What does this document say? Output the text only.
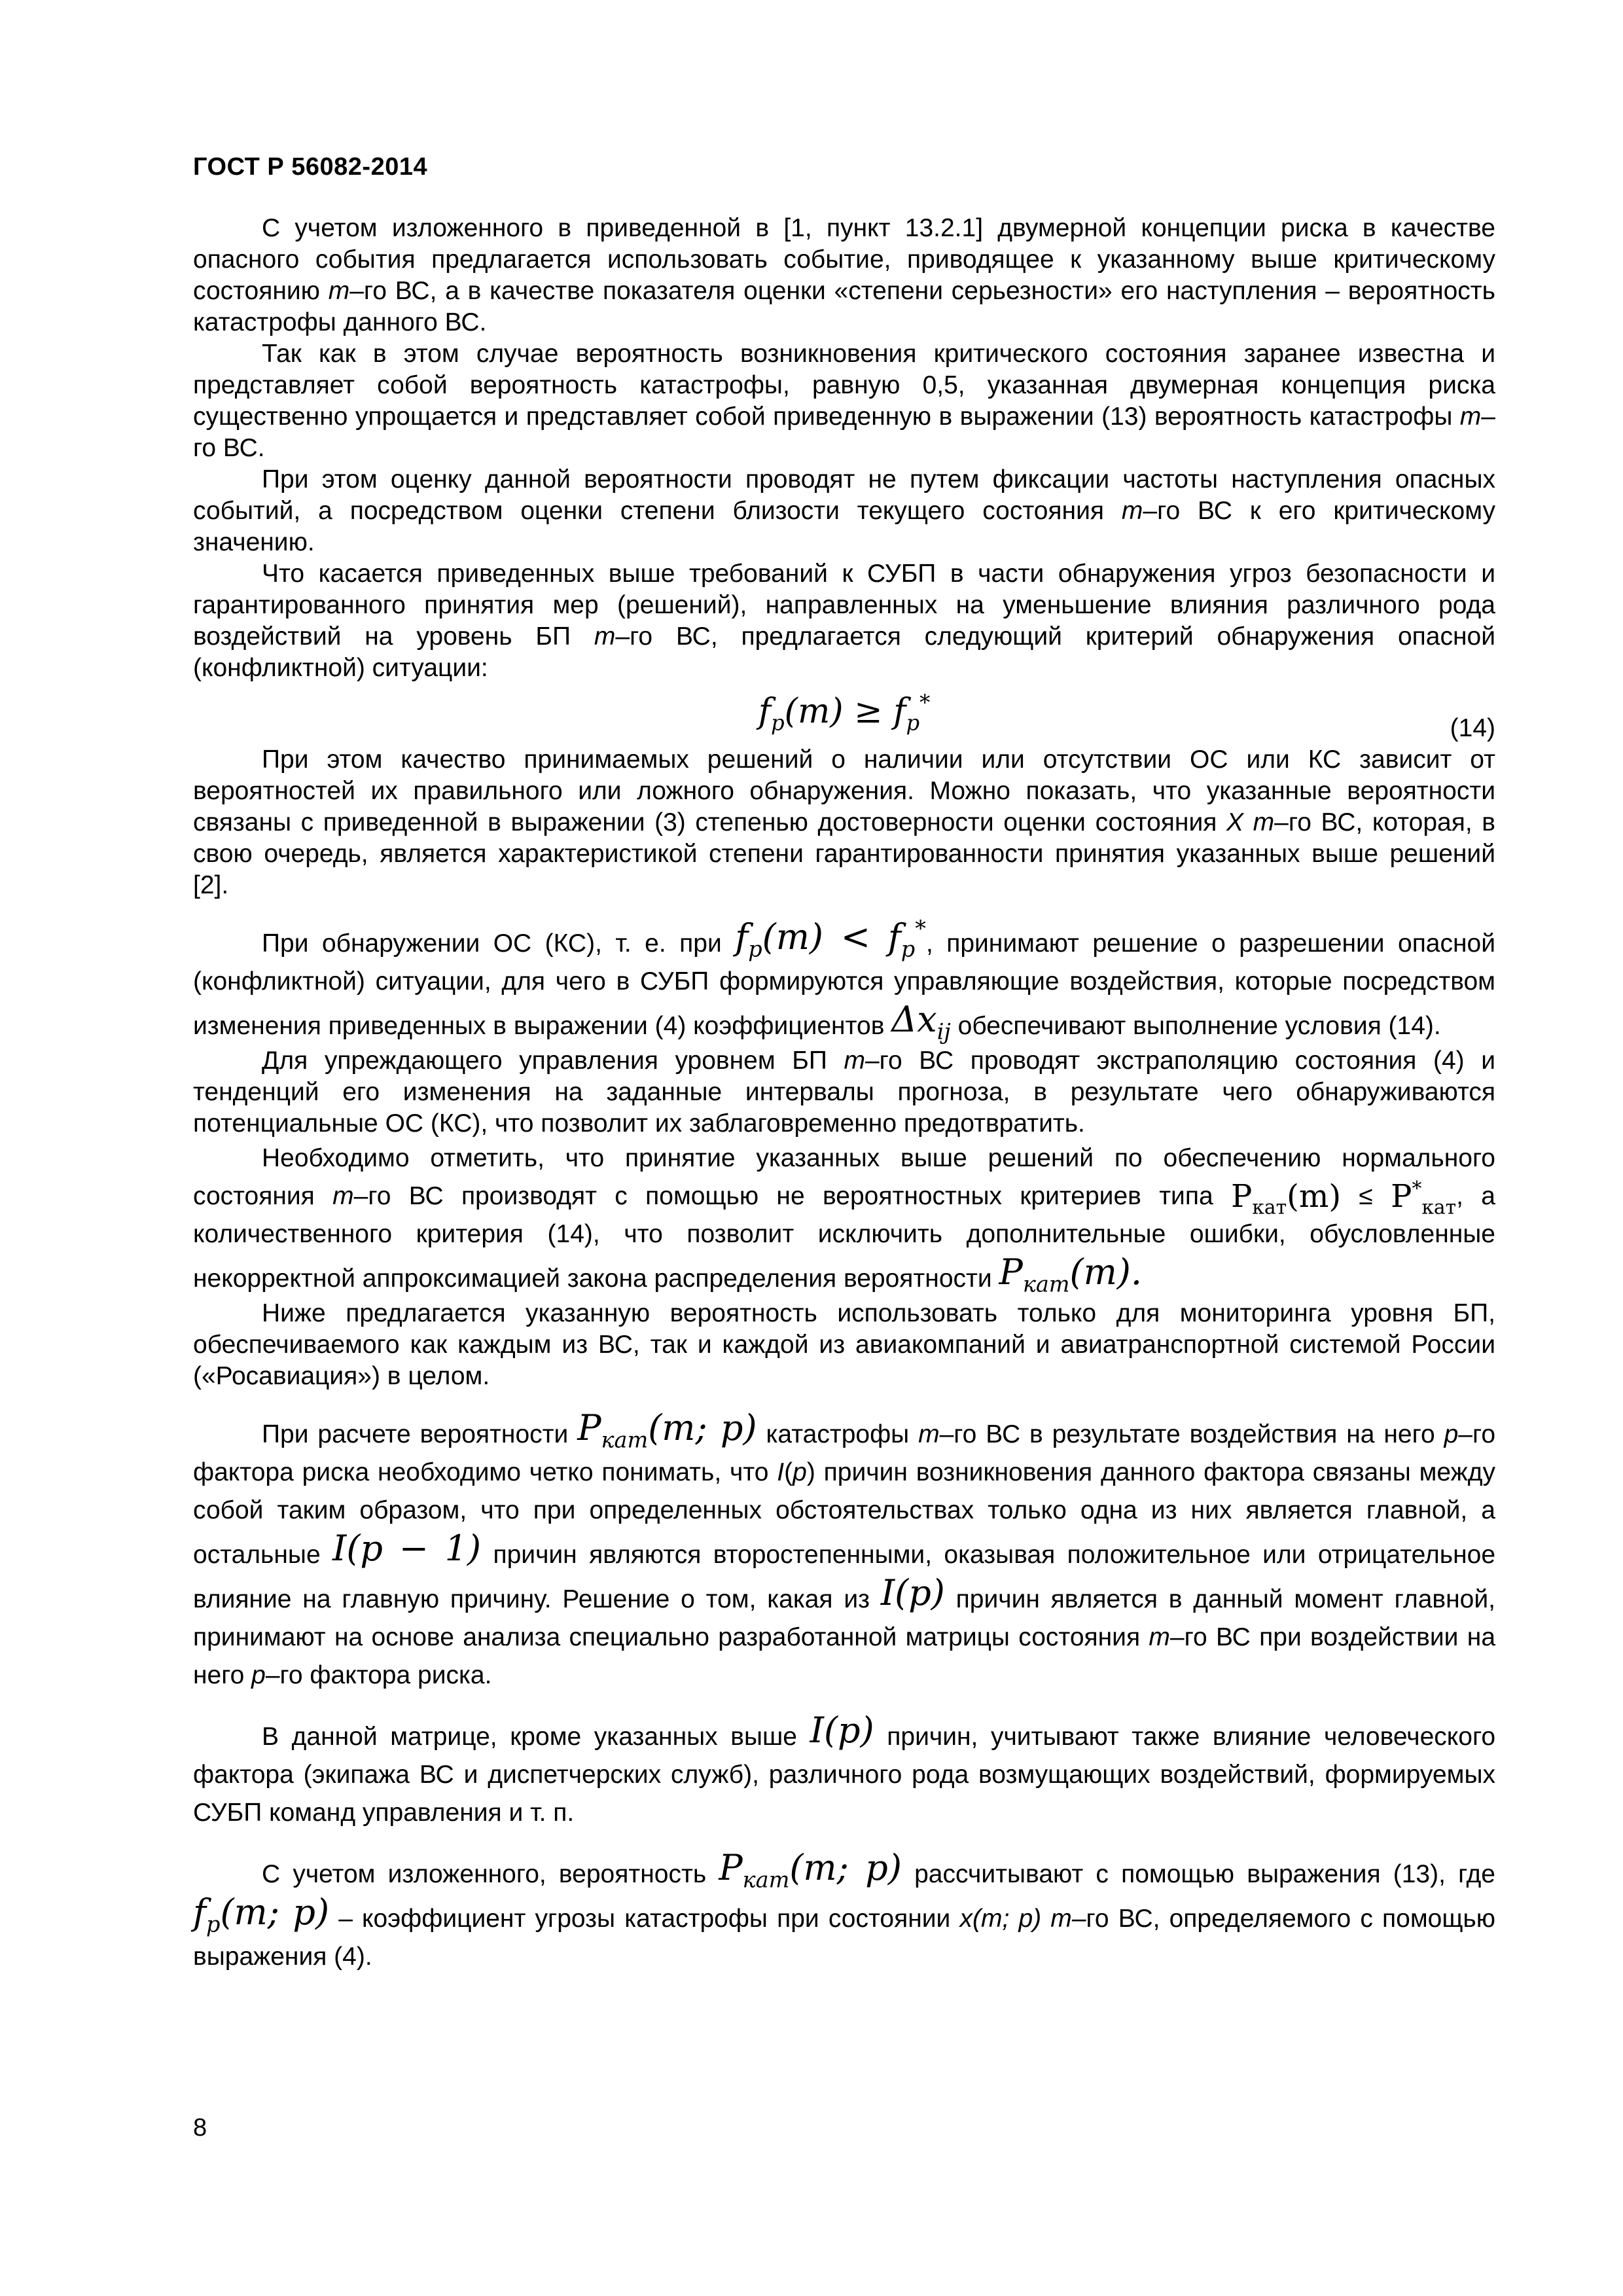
ГОСТ Р 56082-2014

С учетом изложенного в приведенной в [1, пункт 13.2.1] двумерной концепции риска в качестве опасного события предлагается использовать событие, приводящее к указанному выше критическому состоянию m–го ВС, а в качестве показателя оценки «степени серьезности» его наступления – вероятность катастрофы данного ВС.

Так как в этом случае вероятность возникновения критического состояния заранее известна и представляет собой вероятность катастрофы, равную 0,5, указанная двумерная концепция риска существенно упрощается и представляет собой приведенную в выражении (13) вероятность катастрофы m–го ВС.

При этом оценку данной вероятности проводят не путем фиксации частоты наступления опасных событий, а посредством оценки степени близости текущего состояния m–го ВС к его критическому значению.

Что касается приведенных выше требований к СУБП в части обнаружения угроз безопасности и гарантированного принятия мер (решений), направленных на уменьшение влияния различного рода воздействий на уровень БП m–го ВС, предлагается следующий критерий обнаружения опасной (конфликтной) ситуации:

$f_p(m) \ge f_p^*$
(14)

При этом качество принимаемых решений о наличии или отсутствии ОС или КС зависит от вероятностей их правильного или ложного обнаружения. Можно показать, что указанные вероятности связаны с приведенной в выражении (3) степенью достоверности оценки состояния X m–го ВС, которая, в свою очередь, является характеристикой степени гарантированности принятия указанных выше решений [2].

При обнаружении ОС (КС), т. е. при $f_p(m) < f_p^*$, принимают решение о разрешении опасной (конфликтной) ситуации, для чего в СУБП формируются управляющие воздействия, которые посредством изменения приведенных в выражении (4) коэффициентов $\Delta x_{ij}$ обеспечивают выполнение условия (14).

Для упреждающего управления уровнем БП m–го ВС проводят экстраполяцию состояния (4) и тенденций его изменения на заданные интервалы прогноза, в результате чего обнаруживаются потенциальные ОС (КС), что позволит их заблаговременно предотвратить.

Необходимо отметить, что принятие указанных выше решений по обеспечению нормального состояния m–го ВС производят с помощью не вероятностных критериев типа $P_{кат}(m) \le P^*_{кат}$, а количественного критерия (14), что позволит исключить дополнительные ошибки, обусловленные некорректной аппроксимацией закона распределения вероятности $P_{кат}(m)$.

Ниже предлагается указанную вероятность использовать только для мониторинга уровня БП, обеспечиваемого как каждым из ВС, так и каждой из авиакомпаний и авиатранспортной системой России («Росавиация») в целом.

При расчете вероятности $P_{кат}(m$; p) катастрофы m–го ВС в результате воздействия на него p–го фактора риска необходимо четко понимать, что I(p) причин возникновения данного фактора связаны между собой таким образом, что при определенных обстоятельствах только одна из них является главной, а остальные I(p − 1) причин являются второстепенными, оказывая положительное или отрицательное влияние на главную причину. Решение о том, какая из I(p) причин является в данный момент главной, принимают на основе анализа специально разработанной матрицы состояния m–го ВС при воздействии на него p–го фактора риска.

В данной матрице, кроме указанных выше I(p) причин, учитывают также влияние человеческого фактора (экипажа ВС и диспетчерских служб), различного рода возмущающих воздействий, формируемых СУБП команд управления и т. п.

С учетом изложенного, вероятность $P_{кат}(m$; p) рассчитывают с помощью выражения (13), где $f_p(m$; p) – коэффициент угрозы катастрофы при состоянии x(m; p) m–го ВС, определяемого с помощью выражения (4).

8
